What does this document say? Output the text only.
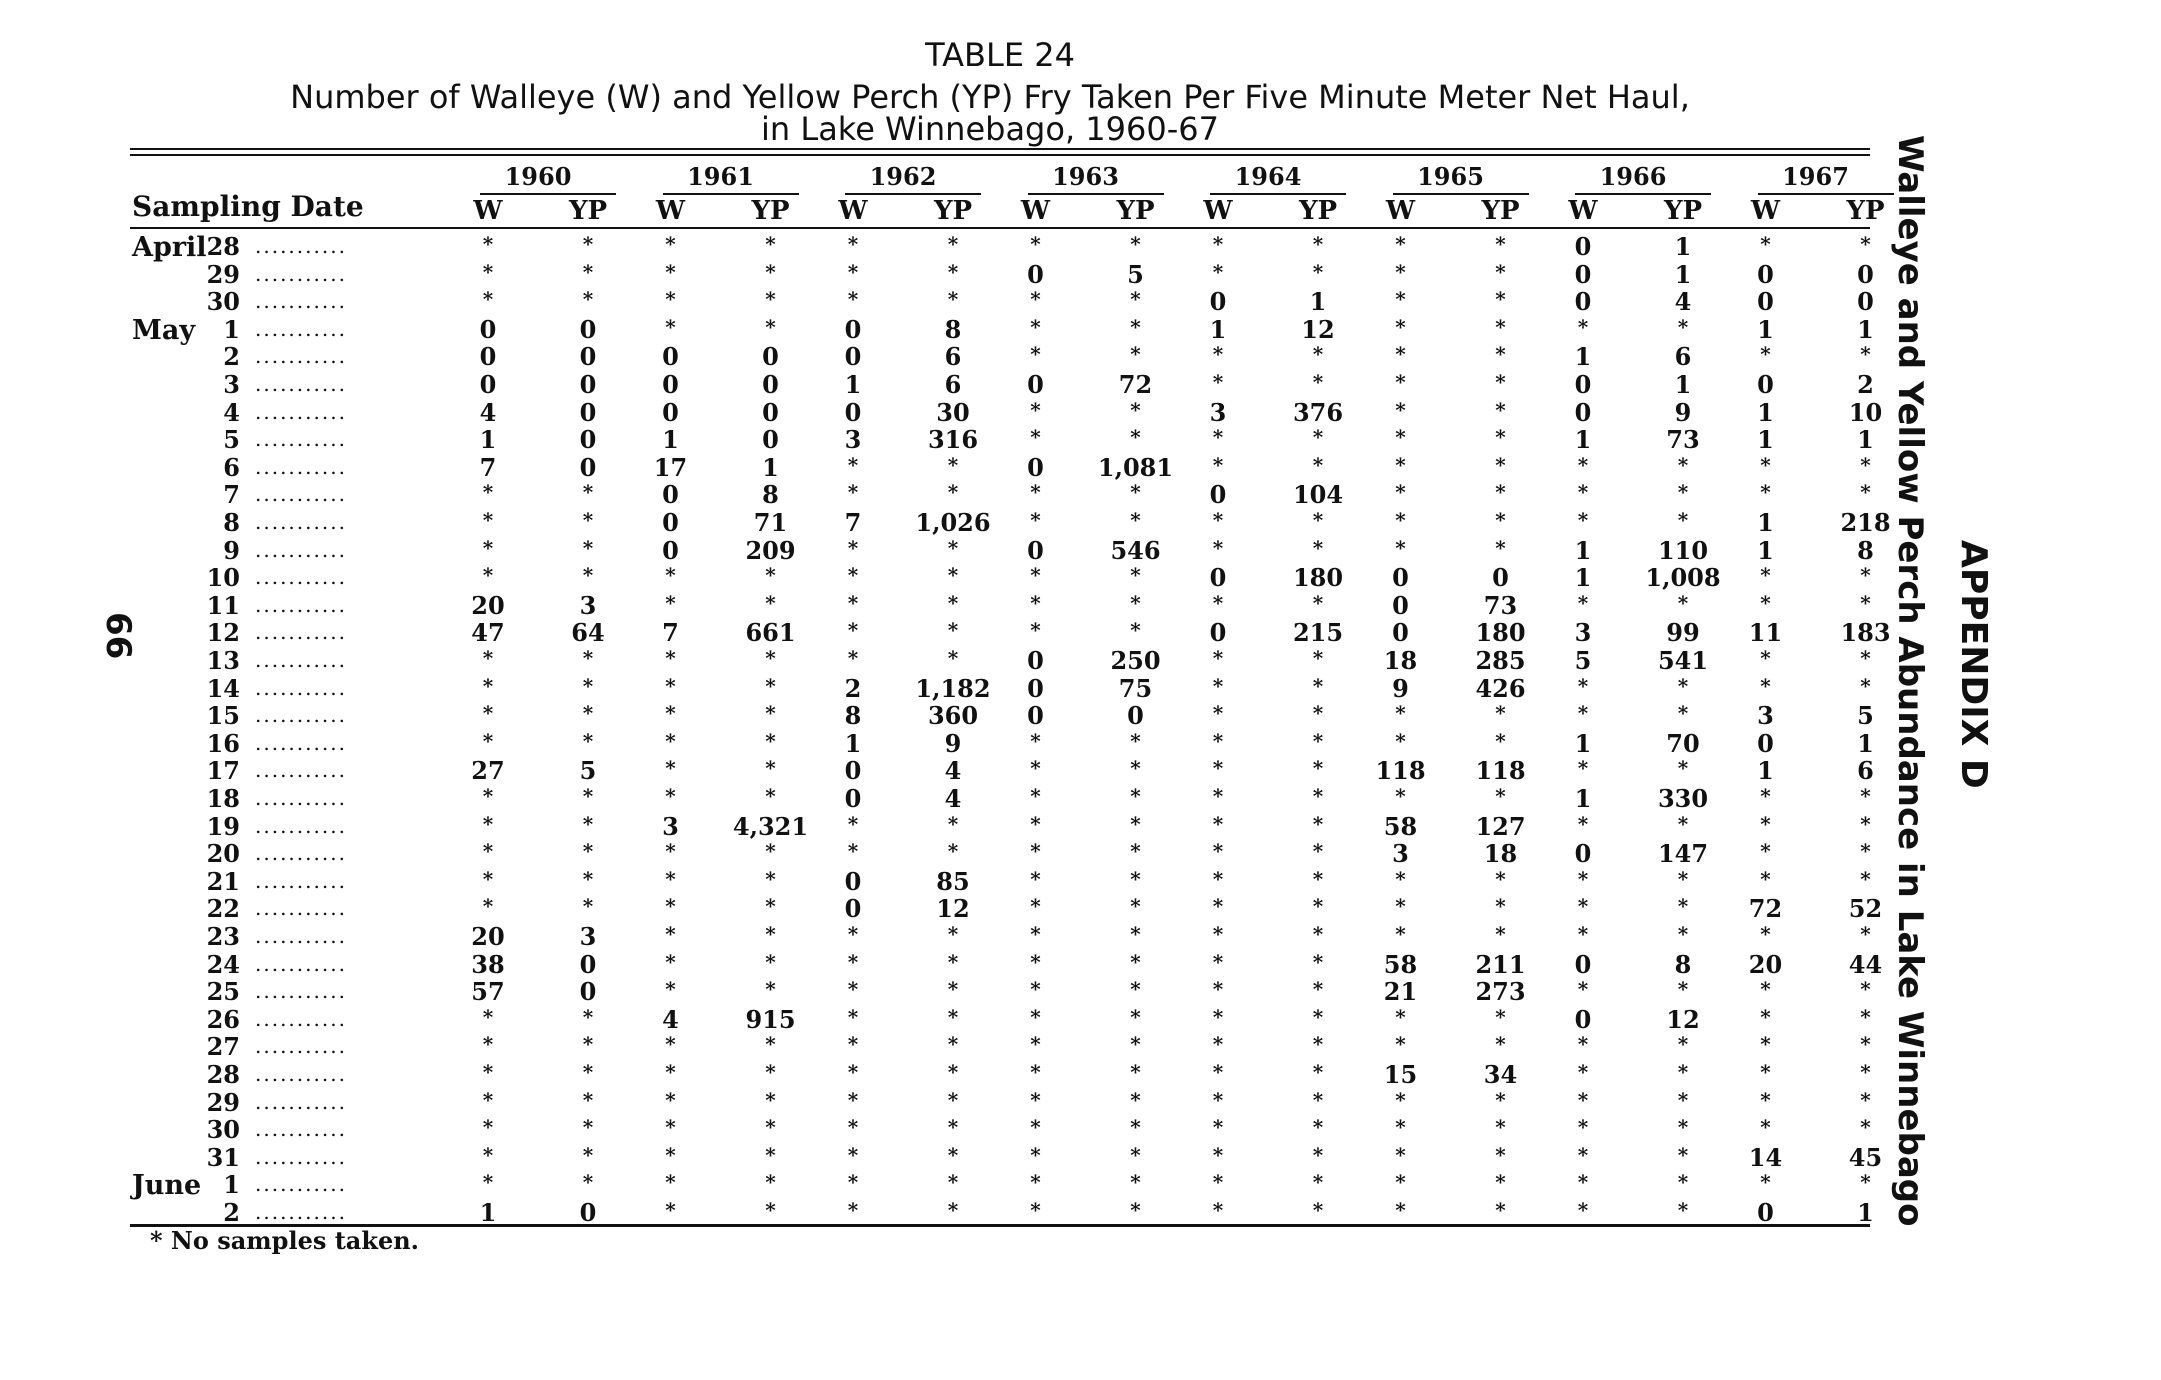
TABLE 24
Number of Walleye (W) and Yellow Perch (YP) Fry Taken Per Five Minute Meter Net Haul,
in Lake Winnebago, 1960-67
Sampling Date
1960
W	YP
1961
W	YP
1962
W	YP
1963
W	YP
1964
W	YP
1965
W	YP
1966
W	YP
1967
W	YP
April 28 ...........	*	*	*	*	*	*	*	*	*	*	*	*	0	1	*	*
29 ...........	*	*	*	*	*	*	0	5	*	*	*	*	0	1	0	0
30 ...........	*	*	*	*	*	*	*	*	0	1	*	*	0	4	0	0
May	1 ...........	0	0	*	*	0	8	*	*	1	12	*	*	*	*	1	1
2 ...........	0	0	0	0	0	6	*	*	*	*	*	*	1	6	*	*
3 ...........	0	0	0	0	1	6	0	72	*	*	*	*	0	1	0	2
4 ...........	4	0	0	0	0	30	*	*	3	376	*	*	0	9	1	10
5 ...........	1	0	1	0	3	316	*	*	*	*	*	*	1	73	1	1
6 ...........	7	0	17	1	*	*	0	1,081	*	*	*	*	*	*	*	*
7 ...........	*	*	0	8	*	*	*	*	0	104	*	*	*	*	*	*
8 ...........	*	*	0	71	7	1,026	*	*	*	*	*	*	*	*	1	218
9 ...........	*	*	0	209	*	*	0	546	*	*	*	*	1	110	1	8
10 ...........	*	*	*	*	*	*	*	*	0	180	0	0	1	1,008	*	*
11 ...........	20	3	*	*	*	*	*	*	*	*	0	73	*	*	*	*
12 ...........	47	64	7	661	*	*	*	*	0	215	0	180	3	99	11	183
13 ...........	*	*	*	*	*	*	0	250	*	*	18	285	5	541	*	*
14 ...........	*	*	*	*	2	1,182	0	75	*	*	9	426	*	*	*	*
15 ...........	*	*	*	*	8	360	0	0	*	*	*	*	*	*	3	5
16 ...........	*	*	*	*	1	9	*	*	*	*	*	*	1	70	0	1
17 ...........	27	5	*	*	0	4	*	*	*	*	118	118	*	*	1	6
18 ...........	*	*	*	*	0	4	*	*	*	*	*	*	1	330	*	*
19 ...........	*	*	3	4,321	*	*	*	*	*	*	58	127	*	*	*	*
20 ...........	*	*	*	*	*	*	*	*	*	*	3	18	0	147	*	*
21 ...........	*	*	*	*	0	85	*	*	*	*	*	*	*	*	*	*
22 ...........	*	*	*	*	0	12	*	*	*	*	*	*	*	*	72	52
23 ...........	20	3	*	*	*	*	*	*	*	*	*	*	*	*	*	*
24 ...........	38	0	*	*	*	*	*	*	*	*	58	211	0	8	20	44
25 ...........	57	0	*	*	*	*	*	*	*	*	21	273	*	*	*	*
26 ...........	*	*	4	915	*	*	*	*	*	*	*	*	0	12	*	*
27 ...........	*	*	*	*	*	*	*	*	*	*	*	*	*	*	*	*
28 ...........	*	*	*	*	*	*	*	*	*	*	15	34	*	*	*	*
29 ...........	*	*	*	*	*	*	*	*	*	*	*	*	*	*	*	*
30 ...........	*	*	*	*	*	*	*	*	*	*	*	*	*	*	*	*
31 ...........	*	*	*	*	*	*	*	*	*	*	*	*	*	*	14	45
June 1 ...........	*	*	*	*	*	*	*	*	*	*	*	*	*	*	*	*
2 ...........	1	0	*	*	*	*	*	*	*	*	*	*	*	*	0	1
* No samples taken.
Walleye and Yellow Perch Abundance in Lake Winnebago APPENDIX D
66
